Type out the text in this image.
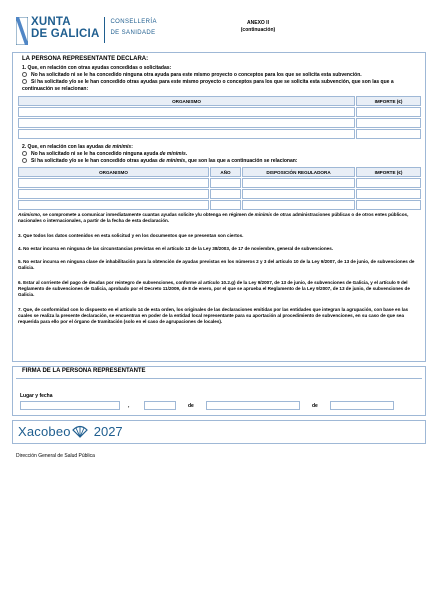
XUNTA
DE GALICIA
CONSELLERÍA
DE SANIDADE
ANEXO II
(continuación)
LA PERSONA REPRESENTANTE DECLARA:
1. Que, en relación con otras ayudas concedidas o solicitadas:
No ha solicitado ni se le ha concedido ninguna otra ayuda para este mismo proyecto o conceptos para los que se solicita esta subvención.
Sí ha solicitado y/o se le han concedido otras ayudas para este mismo proyecto o conceptos para los que se solicita esta subvención, que son las que a
continuación se relacionan:
ORGANISMO		IMPORTE (€)

2. Que, en relación con las ayudas de minimis:
No ha solicitado ni se le ha concedido ninguna ayuda de minimis.
Sí ha solicitado y/o se le han concedido otras ayudas de minimis, que son las que a continuación se relacionan:
ORGANISMO		AÑO		DISPOSICIÓN REGULADORA		IMPORTE (€)

Asimismo, se compromete a comunicar inmediatamente cuantas ayudas solicite y/u obtenga en régimen de minimis de otras administraciones públicas o de otros entes públicos, nacionales o internacionales, a partir de la fecha de esta declaración.
3. Que todos los datos contenidos en esta solicitud y en los documentos que se presentan son ciertos.
4. No estar incursa en ninguna de las circunstancias previstas en el artículo 13 de la Ley 38/2003, de 17 de noviembre, general de subvenciones.
5. No estar incursa en ninguna clase de inhabilitación para la obtención de ayudas previstas en los números 2 y 3 del artículo 10 de la Ley 9/2007, de 13 de junio, de subvenciones de Galicia.
6. Estar al corriente del pago de deudas por reintegro de subvenciones, conforme al artículo 10.2.g) de la Ley 9/2007, de 13 de junio, de subvenciones de Galicia, y el artículo 9 del Reglamento de subvenciones de Galicia, aprobado por el Decreto 11/2009, de 8 de enero, por el que se aprueba el Reglamento de la Ley 9/2007, de 13 de junio, de subvenciones de Galicia.
7. Que, de conformidad con lo dispuesto en el artículo 14 de esta orden, los originales de las declaraciones emitidas por las entidades que integran la agrupación, con base en las cuales se realiza la presente declaración, se encuentran en poder de la entidad local representante para su aportación al procedimiento de subvenciones, en su caso de que sea requerida para ello por el órgano de tramitación (solo en el caso de agrupaciones de locales).
FIRMA DE LA PERSONA REPRESENTANTE
Lugar y fecha
,	de	de
Xacobeo 2027
Dirección General de Salud Pública
